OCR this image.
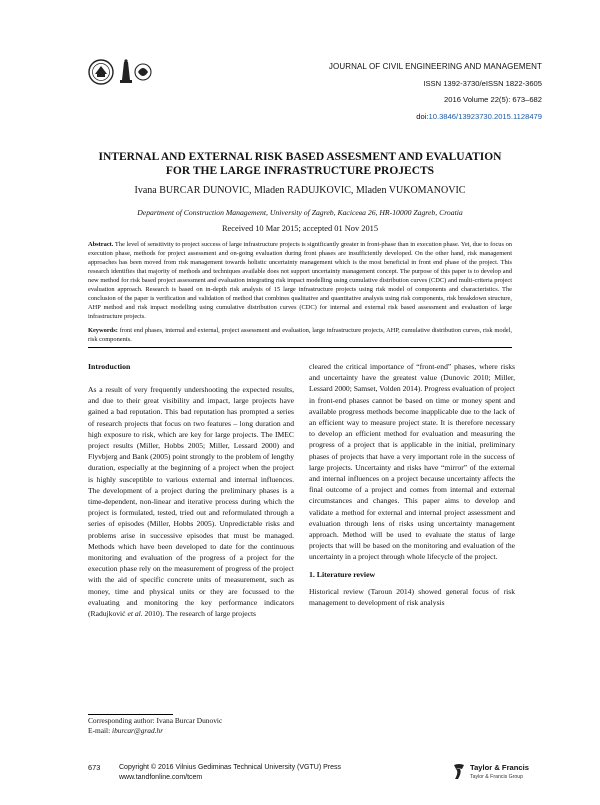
JOURNAL OF CIVIL ENGINEERING AND MANAGEMENT
ISSN 1392-3730/eISSN 1822-3605
2016 Volume 22(5): 673–682
doi:10.3846/13923730.2015.1128479
INTERNAL AND EXTERNAL RISK BASED ASSESMENT AND EVALUATION
FOR THE LARGE INFRASTRUCTURE PROJECTS
Ivana BURCAR DUNOVIC, Mladen RADUJKOVIC, Mladen VUKOMANOVIC
Department of Construction Management, University of Zagreb, Kacicева 26, HR-10000 Zagreb, Croatia
Received 10 Mar 2015; accepted 01 Nov 2015
Abstract. The level of sensitivity to project success of large infrastructure projects is significantly greater in front-phase than in execution phase. Yet, due to focus on execution phase, methods for project assessment and on-going evaluation during front phases are insufficiently developed. On the other hand, risk management approaches has been moved from risk management towards holistic uncertainty management which is the most beneficial in front end phase of the project. This research identifies that majority of methods and techniques available does not support uncertainty management concept. The purpose of this paper is to develop and new method for risk based project assessment and evaluation integrating risk impact modelling using cumulative distribution curves (CDC) and multi-criteria project evaluation approach. Research is based on in-depth risk analysis of 15 large infrastructure projects using risk model of components and characteristics. The conclusion of the paper is verification and validation of method that combines qualitative and quantitative analysis using risk components, risk breakdown structure, AHP method and risk impact modelling using cumulative distribution curves (CDC) for internal and external risk based assessment and evaluation of large infrastructure projects.
Keywords: front end phases, internal and external, project assessment and evaluation, large infrastructure projects, AHP, cumulative distribution curves, risk model, risk components.
Introduction

As a result of very frequently undershooting the expected results, and due to their great visibility and impact, large projects have gained a bad reputation. This bad reputation has prompted a series of research projects that focus on two features – long duration and high exposure to risk, which are key for large projects. The IMEC project results (Miller, Hobbs 2005; Miller, Lessard 2000) and Flyvbjerg and Bank (2005) point strongly to the problem of lengthy duration, especially at the beginning of a project when the project is highly susceptible to various external and internal influences. The development of a project during the preliminary phases is a time-dependent, non-linear and iterative process during which the project is formulated, tested, tried out and reformulated through a series of episodes (Miller, Hobbs 2005). Unpredictable risks and problems arise in successive episodes that must be managed. Methods which have been developed to date for the continuous monitoring and evaluation of the progress of a project for the execution phase rely on the measurement of progress of the project with the aid of specific concrete units of measurement, such as money, time and physical units or they are focussed to the evaluating and monitoring the key performance indicators (Radujković et al. 2010). The research of large projects

cleared the critical importance of “front-end” phases, where risks and uncertainty have the greatest value (Dunovic 2010; Miller, Lessard 2000; Samset, Volden 2014). Progress evaluation of project in front-end phases cannot be based on time or money spent and available progress methods become inapplicable due to the lack of an efficient way to measure project state. It is therefore necessary to develop an efficient method for evaluation and measuring the progress of a project that is applicable in the initial, preliminary phases of projects that have a very important role in the success of large projects. Uncertainty and risks have “mirror” of the external and internal influences on a project because uncertainty affects the final outcome of a project and comes from internal and external circumstances and changes. This paper aims to develop and validate a method for external and internal project assessment and evaluation through lens of risks using uncertainty management approach. Method will be used to evaluate the status of large projects that will be based on the monitoring and evaluation of the uncertainty in a project through whole lifecycle of the project.

1. Literature review

Historical review (Taroun 2014) showed general focus of risk management to development of risk analysis

Corresponding author: Ivana Burcar Dunovic
E-mail: iburcar@grad.hr
673	Copyright © 2016 Vilnius Gediminas Technical University (VGTU) Press
www.tandfonline.com/tcem
Taylor & Francis
Taylor & Francis Group
